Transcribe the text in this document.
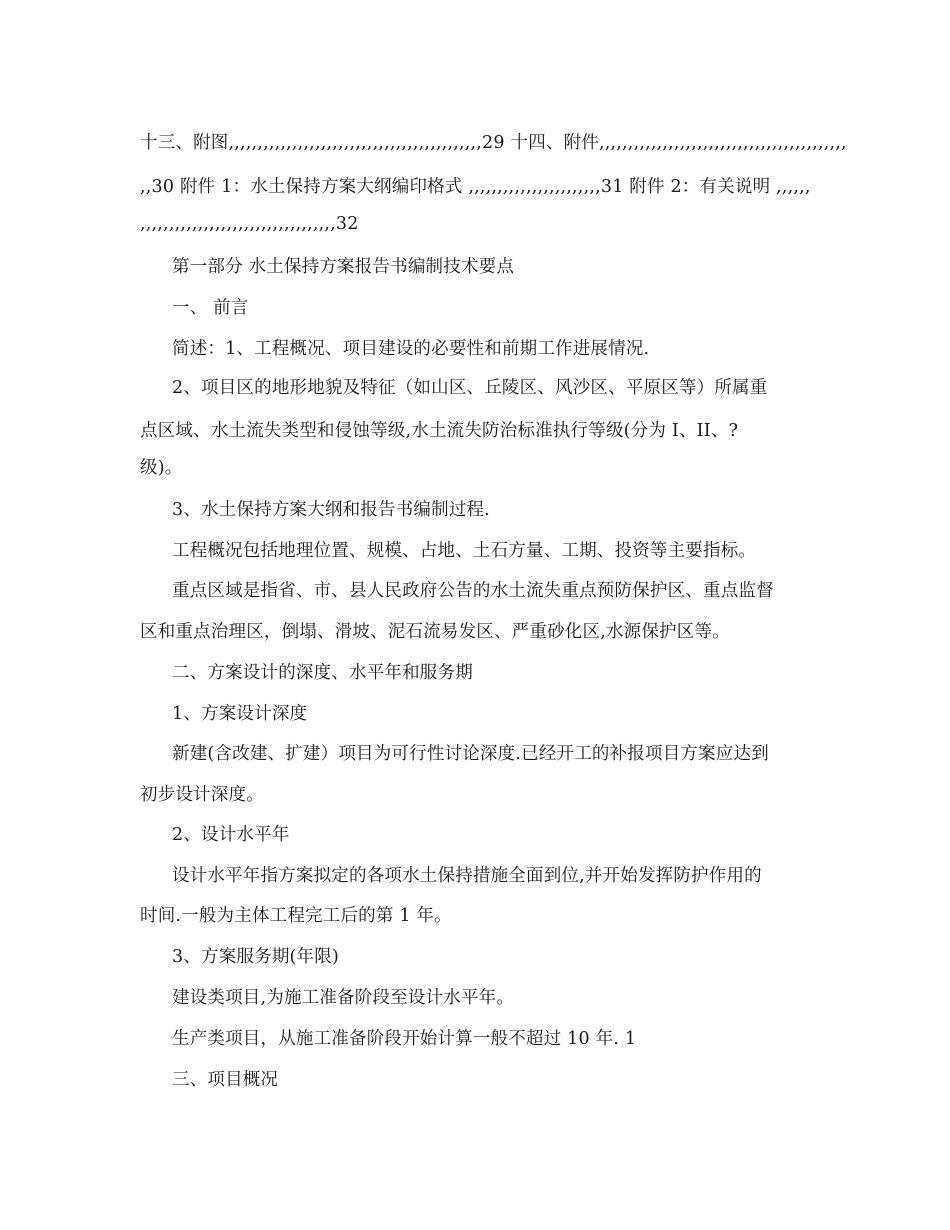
十三、附图,,,,,,,,,,,,,,,,,,,,,,,,,,,,,,,,,,,,,,,,,,,,29 十四、附件,,,,,,,,,,,,,,,,,,,,,,,,,,,,,,,,,,,,,,,,,,,
,,30 附件 1：水土保持方案大纲编印格式 ,,,,,,,,,,,,,,,,,,,,,,,31 附件 2：有关说明 ,,,,,,
,,,,,,,,,,,,,,,,,,,,,,,,,,,,,,,,,,32
第一部分 水土保持方案报告书编制技术要点
一、 前言
简述：1、工程概况、项目建设的必要性和前期工作进展情况.
2、项目区的地形地貌及特征（如山区、丘陵区、风沙区、平原区等）所属重
点区域、水土流失类型和侵蚀等级,水土流失防治标准执行等级(分为 I、II、?
级)。
3、水土保持方案大纲和报告书编制过程.
工程概况包括地理位置、规模、占地、土石方量、工期、投资等主要指标。
重点区域是指省、市、县人民政府公告的水土流失重点预防保护区、重点监督
区和重点治理区，倒塌、滑坡、泥石流易发区、严重砂化区,水源保护区等。
二、方案设计的深度、水平年和服务期
1、方案设计深度
新建(含改建、扩建）项目为可行性讨论深度.已经开工的补报项目方案应达到
初步设计深度。
2、设计水平年
设计水平年指方案拟定的各项水土保持措施全面到位,并开始发挥防护作用的
时间.一般为主体工程完工后的第 1 年。
3、方案服务期(年限)
建设类项目,为施工准备阶段至设计水平年。
生产类项目，从施工准备阶段开始计算一般不超过 10 年. 1
三、项目概况
